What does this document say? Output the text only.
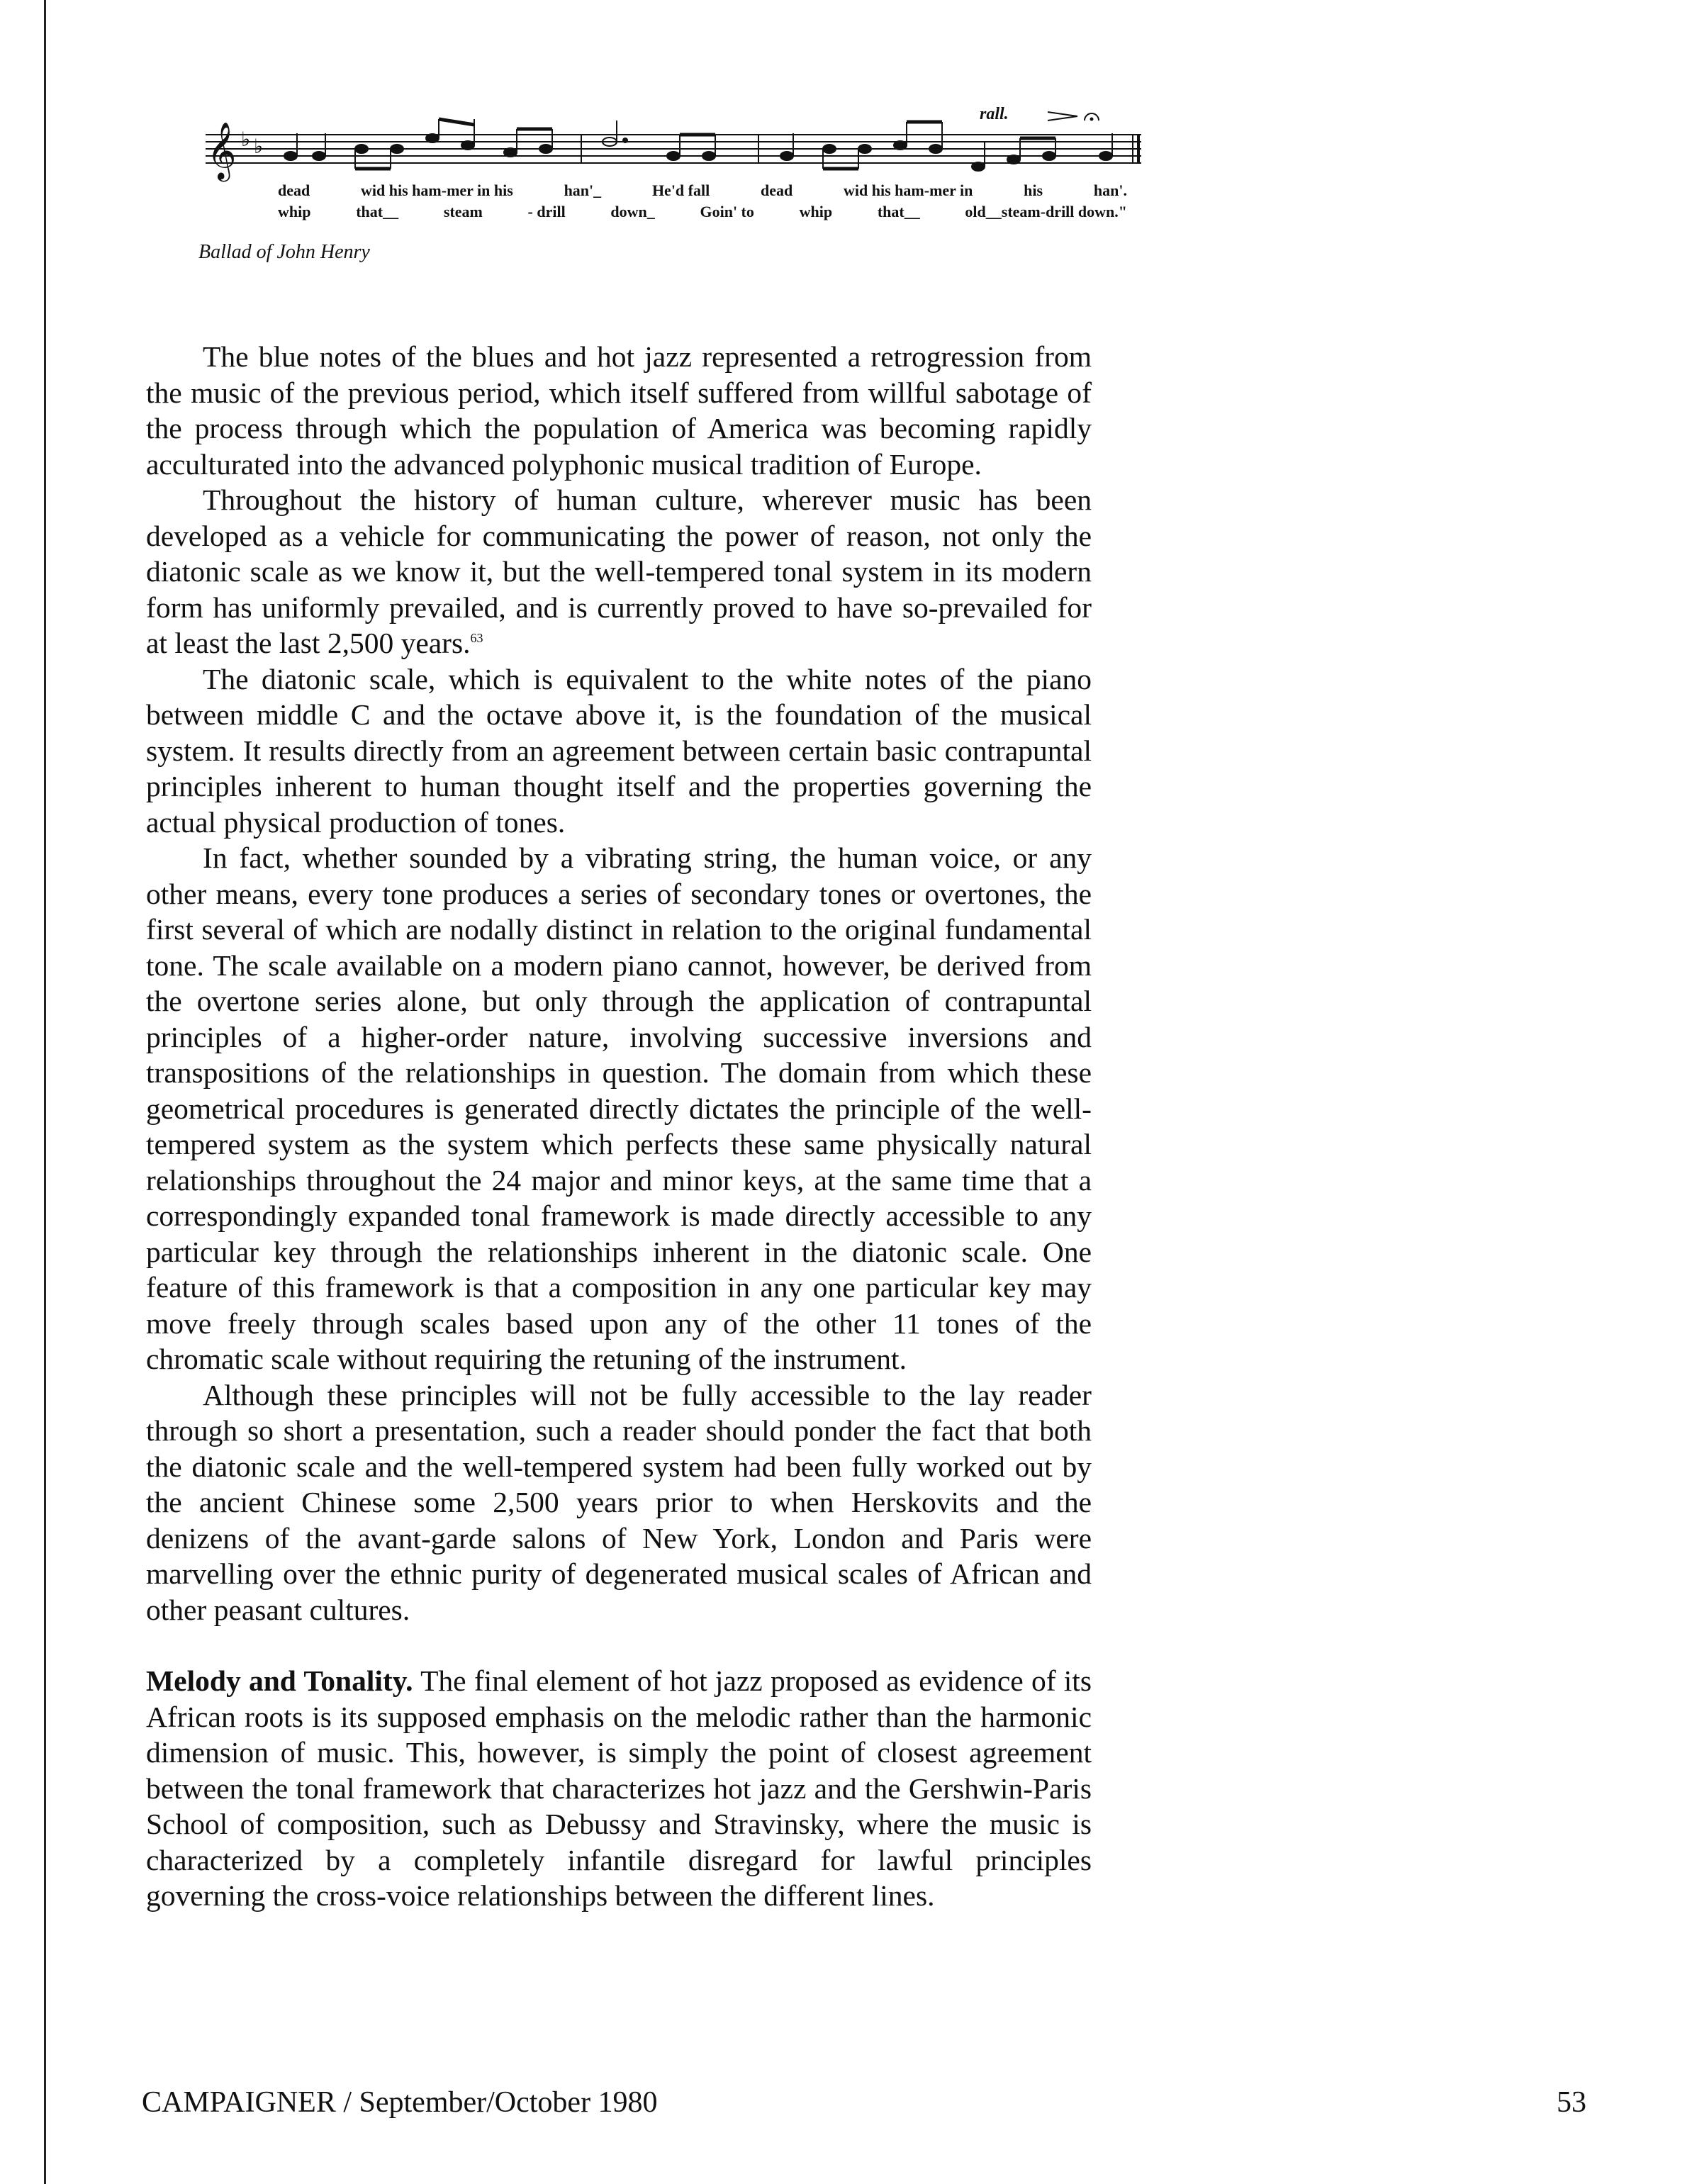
𝄞 ♭ ♭
rall.
dead	wid his ham-mer in his	han'_	He'd fall	dead	wid his ham-mer in	his	han'.
whip	that__	steam	- drill	down_	Goin' to	whip	that__	old__steam-drill down."
Ballad of John Henry

The blue notes of the blues and hot jazz represented a retrogression from the music of the previous period, which itself suffered from willful sabotage of the process through which the population of America was becoming rapidly acculturated into the advanced polyphonic musical tradition of Europe.

Throughout the history of human culture, wherever music has been developed as a vehicle for communicating the power of reason, not only the diatonic scale as we know it, but the well-tempered tonal system in its modern form has uniformly prevailed, and is currently proved to have so-prevailed for at least the last 2,500 years.$^{63}$

The diatonic scale, which is equivalent to the white notes of the piano between middle C and the octave above it, is the foundation of the musical system. It results directly from an agreement between certain basic contrapuntal principles inherent to human thought itself and the properties governing the actual physical production of tones.

In fact, whether sounded by a vibrating string, the human voice, or any other means, every tone produces a series of secondary tones or overtones, the first several of which are nodally distinct in relation to the original fundamental tone. The scale available on a modern piano cannot, however, be derived from the overtone series alone, but only through the application of contrapuntal principles of a higher-order nature, involving successive inversions and transpositions of the relationships in question. The domain from which these geometrical procedures is generated directly dictates the principle of the well-tempered system as the system which perfects these same physically natural relationships throughout the 24 major and minor keys, at the same time that a correspondingly expanded tonal framework is made directly accessible to any particular key through the relationships inherent in the diatonic scale. One feature of this framework is that a composition in any one particular key may move freely through scales based upon any of the other 11 tones of the chromatic scale without requiring the retuning of the instrument.

Although these principles will not be fully accessible to the lay reader through so short a presentation, such a reader should ponder the fact that both the diatonic scale and the well-tempered system had been fully worked out by the ancient Chinese some 2,500 years prior to when Herskovits and the denizens of the avant-garde salons of New York, London and Paris were marvelling over the ethnic purity of degenerated musical scales of African and other peasant cultures.

Melody and Tonality. The final element of hot jazz proposed as evidence of its African roots is its supposed emphasis on the melodic rather than the harmonic dimension of music. This, however, is simply the point of closest agreement between the tonal framework that characterizes hot jazz and the Gershwin-Paris School of composition, such as Debussy and Stravinsky, where the music is characterized by a completely infantile disregard for lawful principles governing the cross-voice relationships between the different lines.

CAMPAIGNER / September/October 1980	53
